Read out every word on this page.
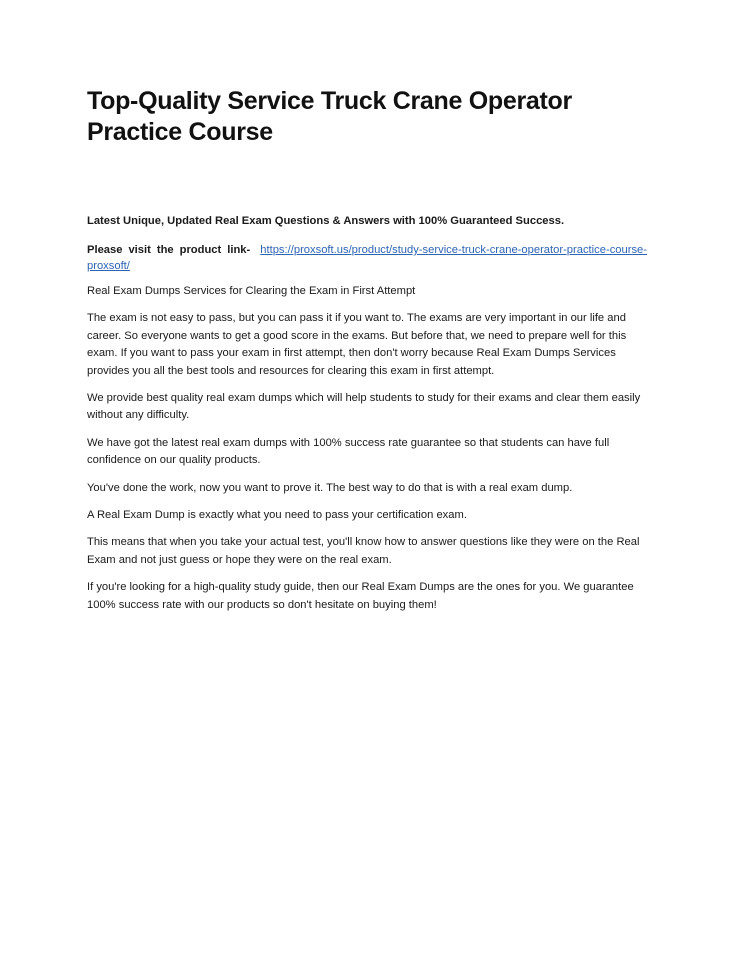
Top-Quality Service Truck Crane Operator Practice Course

Latest Unique, Updated Real Exam Questions & Answers with 100% Guaranteed Success.

Please visit the product link- https://proxsoft.us/product/study-service-truck-crane-operator-practice-course-proxsoft/

Real Exam Dumps Services for Clearing the Exam in First Attempt

The exam is not easy to pass, but you can pass it if you want to. The exams are very important in our life and career. So everyone wants to get a good score in the exams. But before that, we need to prepare well for this exam. If you want to pass your exam in first attempt, then don't worry because Real Exam Dumps Services provides you all the best tools and resources for clearing this exam in first attempt.

We provide best quality real exam dumps which will help students to study for their exams and clear them easily without any difficulty.

We have got the latest real exam dumps with 100% success rate guarantee so that students can have full confidence on our quality products.

You've done the work, now you want to prove it. The best way to do that is with a real exam dump.

A Real Exam Dump is exactly what you need to pass your certification exam.

This means that when you take your actual test, you'll know how to answer questions like they were on the Real Exam and not just guess or hope they were on the real exam.

If you're looking for a high-quality study guide, then our Real Exam Dumps are the ones for you. We guarantee 100% success rate with our products so don't hesitate on buying them!
